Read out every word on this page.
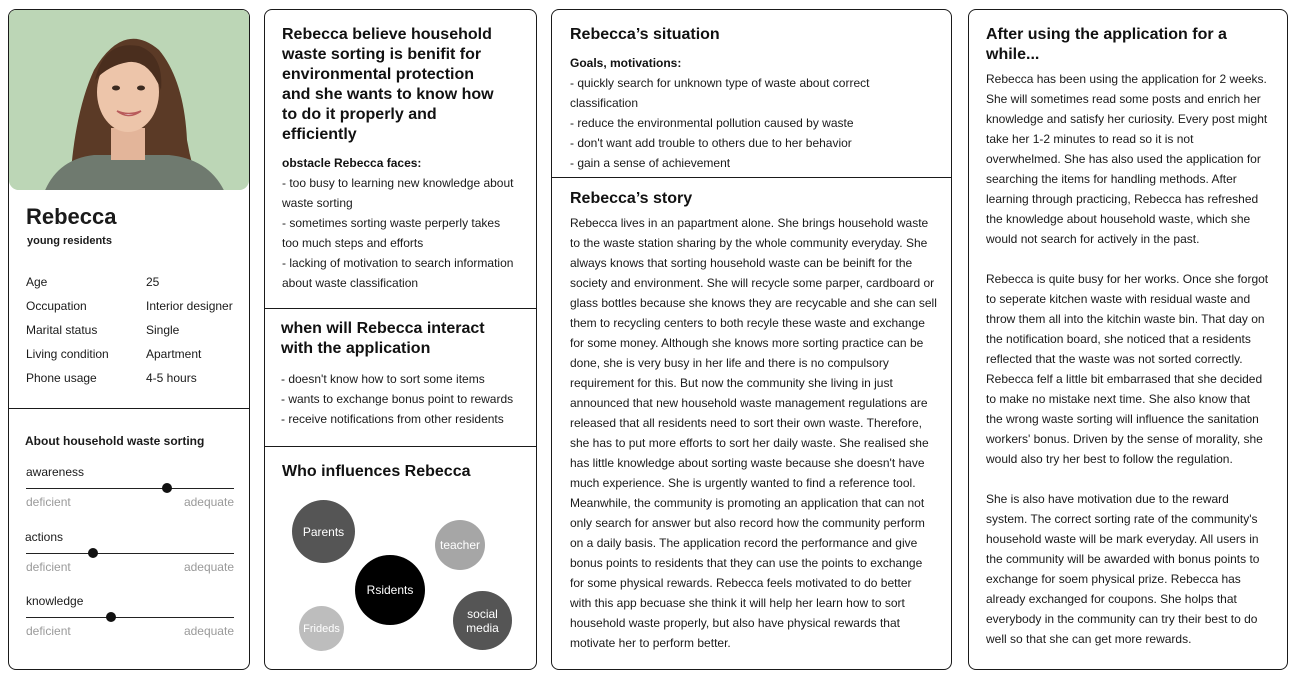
Rebecca
young residents
Age	25
Occupation	Interior designer
Marital status	Single
Living condition	Apartment
Phone usage	4-5 hours
About household waste sorting
awareness
deficient	adequate
actions
deficient	adequate
knowledge
deficient	adequate
Rebecca believe household
waste sorting is benifit for
environmental protection
and she wants to know how
to do it properly and
efficiently
obstacle Rebecca faces:
- too busy to learning new knowledge about
waste sorting
- sometimes sorting waste perperly takes
too much steps and efforts
- lacking of motivation to search information
about waste classification
when will Rebecca interact
with the application
- doesn't know how to sort some items
- wants to exchange bonus point to rewards
- receive notifications from other residents
Who influences Rebecca
Parents
teacher
Rsidents
Frideds
social media
Rebecca’s situation
Goals, motivations:
- quickly search for unknown type of waste about correct
classification
- reduce the environmental pollution caused by waste
- don't want add trouble to others due to her behavior
- gain a sense of achievement
Rebecca’s story
Rebecca lives in an papartment alone. She brings household waste
to the waste station sharing by the whole community everyday. She
always knows that sorting household waste can be beinift for the
society and environment. She will recycle some parper, cardboard or
glass bottles because she knows they are recycable and she can sell
them to recycling centers to both recyle these waste and exchange
for some money. Although she knows more sorting practice can be
done, she is very busy in her life and there is no compulsory
requirement for this. But now the community she living in just
announced that new household waste management regulations are
released that all residents need to sort their own waste. Therefore,
she has to put more efforts to sort her daily waste. She realised she
has little knowledge about sorting waste because she doesn't have
much experience. She is urgently wanted to find a reference tool.
Meanwhile, the community is promoting an application that can not
only search for answer but also record how the community perform
on a daily basis. The application record the performance and give
bonus points to residents that they can use the points to exchange
for some physical rewards. Rebecca feels motivated to do better
with this app becuase she think it will help her learn how to sort
household waste properly, but also have physical rewards that
motivate her to perform better.
After using the application for a while...
Rebecca has been using the application for 2 weeks.
She will sometimes read some posts and enrich her
knowledge and satisfy her curiosity. Every post might
take her 1-2 minutes to read so it is not
overwhelmed. She has also used the application for
searching the items for handling methods. After
learning through practicing, Rebecca has refreshed
the knowledge about household waste, which she
would not search for actively in the past.
Rebecca is quite busy for her works. Once she forgot
to seperate kitchen waste with residual waste and
throw them all into the kitchin waste bin. That day on
the notification board, she noticed that a residents
reflected that the waste was not sorted correctly.
Rebecca felf a little bit embarrased that she decided
to make no mistake next time. She also know that
the wrong waste sorting will influence the sanitation
workers' bonus. Driven by the sense of morality, she
would also try her best to follow the regulation.
She is also have motivation due to the reward
system. The correct sorting rate of the community's
household waste will be mark everyday. All users in
the community will be awarded with bonus points to
exchange for soem physical prize. Rebecca has
already exchanged for coupons. She holps that
everybody in the community can try their best to do
well so that she can get more rewards.
